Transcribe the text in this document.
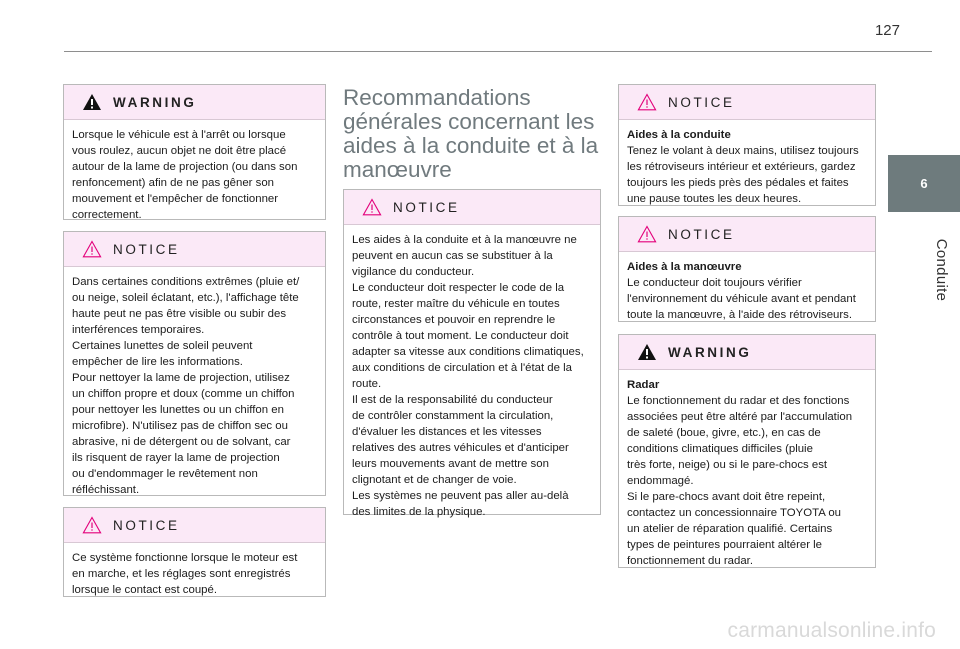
127
6
Conduite
WARNING
Lorsque le véhicule est à l'arrêt ou lorsque
vous roulez, aucun objet ne doit être placé
autour de la lame de projection (ou dans son
renfoncement) afin de ne pas gêner son
mouvement et l'empêcher de fonctionner
correctement.
NOTICE
Dans certaines conditions extrêmes (pluie et/
ou neige, soleil éclatant, etc.), l'affichage tête
haute peut ne pas être visible ou subir des
interférences temporaires.
Certaines lunettes de soleil peuvent
empêcher de lire les informations.
Pour nettoyer la lame de projection, utilisez
un chiffon propre et doux (comme un chiffon
pour nettoyer les lunettes ou un chiffon en
microfibre). N'utilisez pas de chiffon sec ou
abrasive, ni de détergent ou de solvant, car
ils risquent de rayer la lame de projection
ou d'endommager le revêtement non
réfléchissant.
NOTICE
Ce système fonctionne lorsque le moteur est
en marche, et les réglages sont enregistrés
lorsque le contact est coupé.
Recommandations
générales concernant les
aides à la conduite et à la
manœuvre
NOTICE
Les aides à la conduite et à la manœuvre ne
peuvent en aucun cas se substituer à la
vigilance du conducteur.
Le conducteur doit respecter le code de la
route, rester maître du véhicule en toutes
circonstances et pouvoir en reprendre le
contrôle à tout moment. Le conducteur doit
adapter sa vitesse aux conditions climatiques,
aux conditions de circulation et à l'état de la
route.
Il est de la responsabilité du conducteur
de contrôler constamment la circulation,
d'évaluer les distances et les vitesses
relatives des autres véhicules et d'anticiper
leurs mouvements avant de mettre son
clignotant et de changer de voie.
Les systèmes ne peuvent pas aller au-delà
des limites de la physique.
NOTICE
Aides à la conduite
Tenez le volant à deux mains, utilisez toujours
les rétroviseurs intérieur et extérieurs, gardez
toujours les pieds près des pédales et faites
une pause toutes les deux heures.
NOTICE
Aides à la manœuvre
Le conducteur doit toujours vérifier
l'environnement du véhicule avant et pendant
toute la manœuvre, à l'aide des rétroviseurs.
WARNING
Radar
Le fonctionnement du radar et des fonctions
associées peut être altéré par l'accumulation
de saleté (boue, givre, etc.), en cas de
conditions climatiques difficiles (pluie
très forte, neige) ou si le pare-chocs est
endommagé.
Si le pare-chocs avant doit être repeint,
contactez un concessionnaire TOYOTA ou
un atelier de réparation qualifié. Certains
types de peintures pourraient altérer le
fonctionnement du radar.
carmanualsonline.info
